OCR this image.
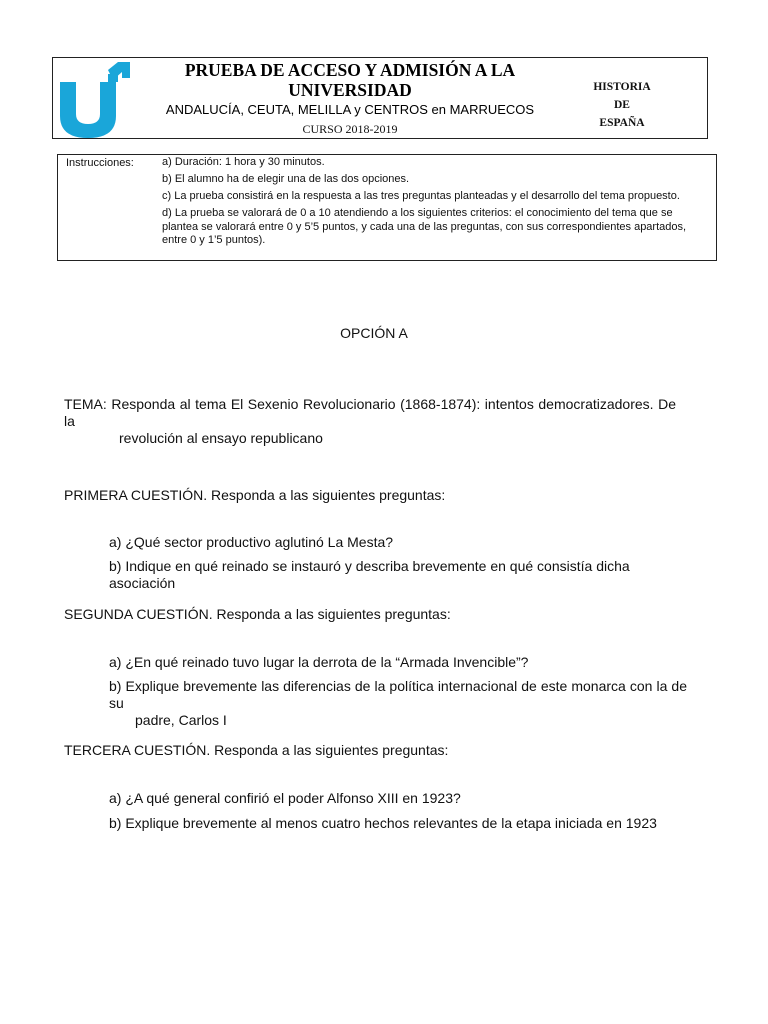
PRUEBA DE ACCESO Y ADMISIÓN A LA UNIVERSIDAD
ANDALUCÍA, CEUTA, MELILLA y CENTROS en MARRUECOS
CURSO 2018-2019
HISTORIA
DE
ESPAÑA
Instrucciones:	a) Duración: 1 hora y 30 minutos.
b) El alumno ha de elegir una de las dos opciones.
c) La prueba consistirá en la respuesta a las tres preguntas planteadas y el desarrollo del tema propuesto.
d) La prueba se valorará de 0 a 10 atendiendo a los siguientes criterios: el conocimiento del tema que se plantea se valorará entre 0 y 5’5 puntos, y cada una de las preguntas, con sus correspondientes apartados, entre 0 y 1’5 puntos).
OPCIÓN A
TEMA: Responda al tema El Sexenio Revolucionario (1868-1874): intentos democratizadores. De la
revolución al ensayo republicano
PRIMERA CUESTIÓN. Responda a las siguientes preguntas:
a) ¿Qué sector productivo aglutinó La Mesta?
b) Indique en qué reinado se instauró y describa brevemente en qué consistía dicha asociación
SEGUNDA CUESTIÓN. Responda a las siguientes preguntas:
a) ¿En qué reinado tuvo lugar la derrota de la “Armada Invencible”?
b) Explique brevemente las diferencias de la política internacional de este monarca con la de su
padre, Carlos I
TERCERA CUESTIÓN. Responda a las siguientes preguntas:
a) ¿A qué general confirió el poder Alfonso XIII en 1923?
b) Explique brevemente al menos cuatro hechos relevantes de la etapa iniciada en 1923
